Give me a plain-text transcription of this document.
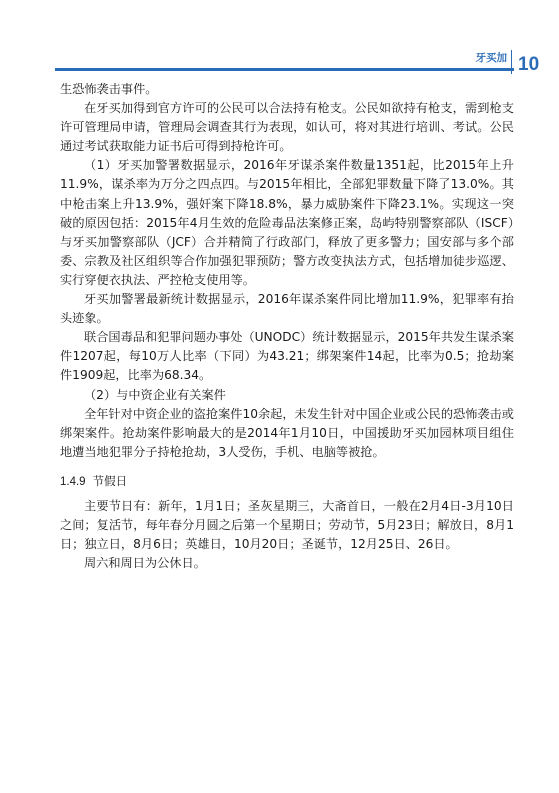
牙买加 10

生恐怖袭击事件。

在牙买加得到官方许可的公民可以合法持有枪支。公民如欲持有枪支，需到枪支许可管理局申请，管理局会调查其行为表现，如认可，将对其进行培训、考试。公民通过考试获取能力证书后可得到持枪许可。

（1）牙买加警署数据显示，2016年牙谋杀案件数量1351起，比2015年上升11.9%，谋杀率为万分之四点四。与2015年相比，全部犯罪数量下降了13.0%。其中枪击案上升13.9%，强奸案下降18.8%，暴力威胁案件下降23.1%。实现这一突破的原因包括：2015年4月生效的危险毒品法案修正案，岛屿特别警察部队（ISCF）与牙买加警察部队（JCF）合并精简了行政部门，释放了更多警力；国安部与多个部委、宗教及社区组织等合作加强犯罪预防；警方改变执法方式，包括增加徒步巡逻、实行穿便衣执法、严控枪支使用等。

牙买加警署最新统计数据显示，2016年谋杀案件同比增加11.9%，犯罪率有抬头迹象。

联合国毒品和犯罪问题办事处（UNODC）统计数据显示，2015年共发生谋杀案件1207起，每10万人比率（下同）为43.21；绑架案件14起，比率为0.5；抢劫案件1909起，比率为68.34。

（2）与中资企业有关案件

全年针对中资企业的盗抢案件10余起，未发生针对中国企业或公民的恐怖袭击或绑架案件。抢劫案件影响最大的是2014年1月10日，中国援助牙买加园林项目组住地遭当地犯罪分子持枪抢劫，3人受伤，手机、电脑等被抢。

1.4.9 节假日

主要节日有：新年，1月1日；圣灰星期三，大斋首日，一般在2月4日-3月10日之间；复活节，每年春分月圆之后第一个星期日；劳动节，5月23日；解放日，8月1日；独立日，8月6日；英雄日，10月20日；圣诞节，12月25日、26日。

周六和周日为公休日。
